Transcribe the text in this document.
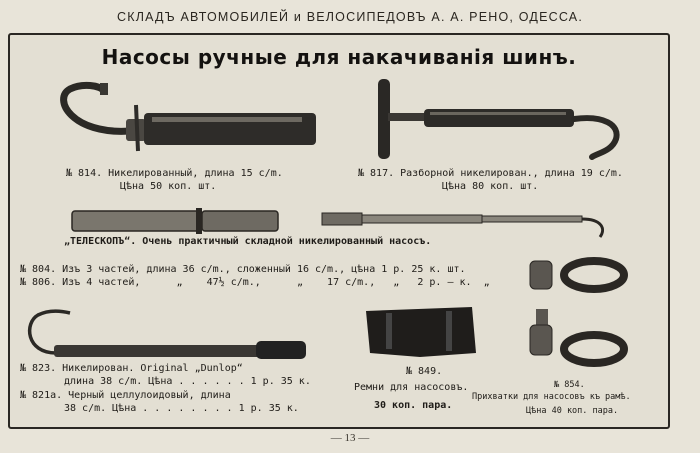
СКЛАДЪ АВТОМОБИЛЕЙ и ВЕЛОСИПЕДОВЪ А. А. РЕНО, ОДЕССА.
Насосы ручные для накачиванія шинъ.
„ТЕЛЕСКОПЪ“. Очень практичный складной никелированный насосъ.
№ 804. Изъ 3 частей, длина 36 с/m., сложенный 16 с/m., цѣна 1 р. 25 к. шт.
№ 806. Изъ 4 частей,      „    47½ с/m.,      „    17 с/m.,   „   2 р. — к.  „
№ 814. Никелированный, длина 15 с/m.
Цѣна 50 коп. шт.
№ 817. Разборной никелирован., длина 19 с/m.
Цѣна 80 коп. шт.
№ 823. Никелирован. Original „Dunlop“
длина 38 с/m. Цѣна . . . . . . 1 р. 35 к.
№ 821а. Черный целлулоидовый, длина
38 с/m. Цѣна . . . . . . . . 1 р. 35 к.
№ 849.
Ремни для насосовъ.
30 коп. пара.
№ 854.
Прихватки для насосовъ къ рамѣ.
Цѣна 40 коп. пара.
— 13 —
